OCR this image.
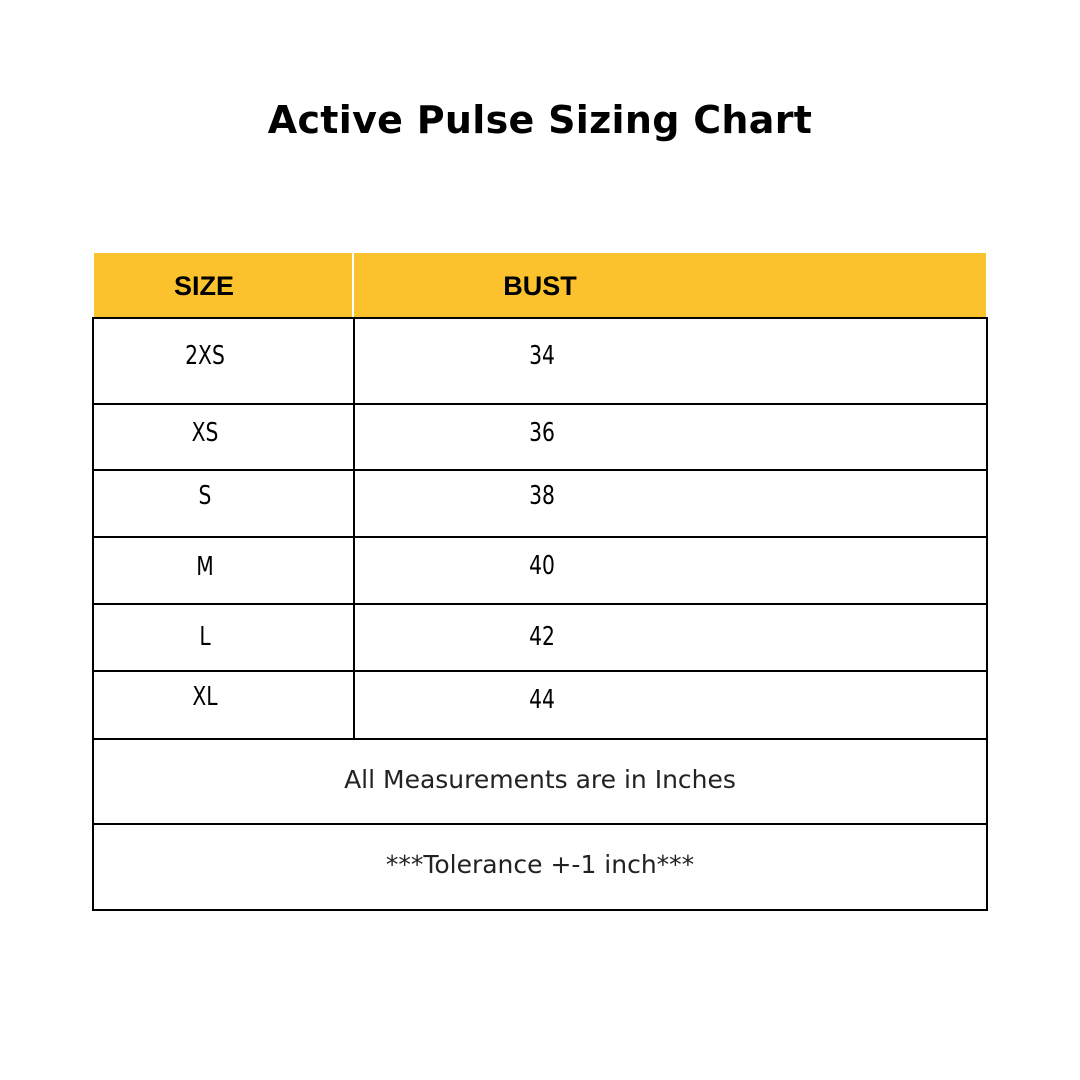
Active Pulse Sizing Chart
SIZE	BUST
2XS	34
XS	36
S	38
M	40
L	42
XL	44
All Measurements are in Inches
***Tolerance +-1 inch***
